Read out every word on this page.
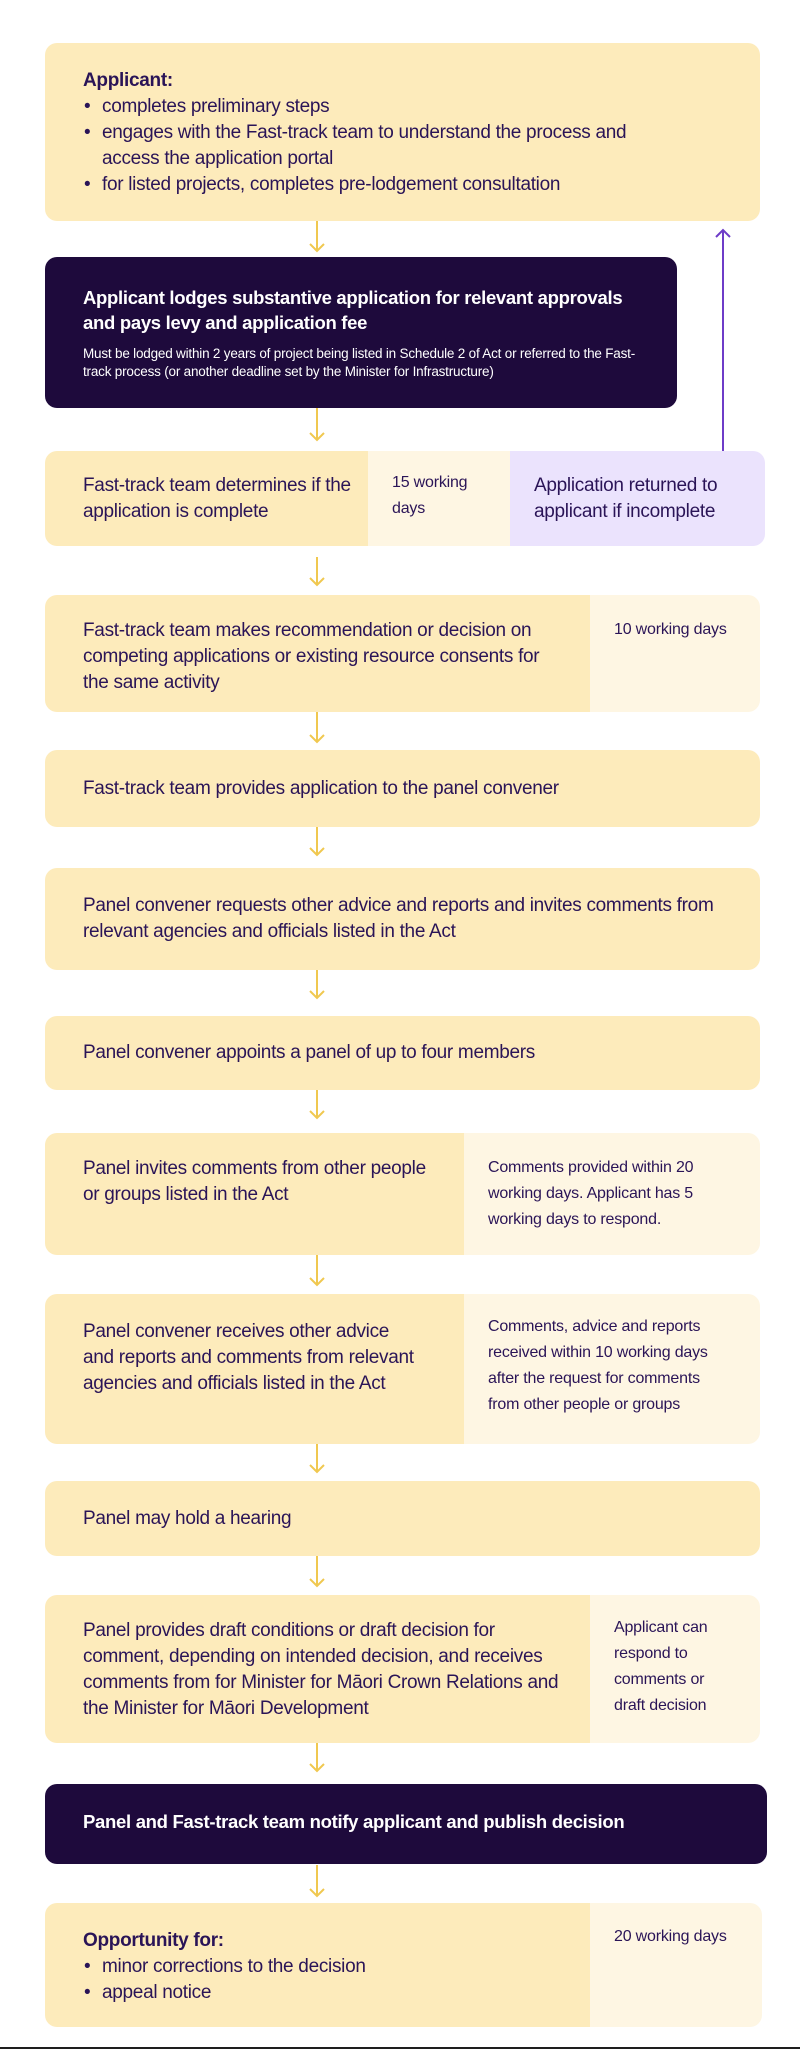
Applicant:
• completes preliminary steps
• engages with the Fast-track team to understand the process and access the application portal
• for listed projects, completes pre-lodgement consultation
Applicant lodges substantive application for relevant approvals and pays levy and application fee
Must be lodged within 2 years of project being listed in Schedule 2 of Act or referred to the Fast-track process (or another deadline set by the Minister for Infrastructure)
Fast-track team determines if the application is complete
15 working days
Application returned to applicant if incomplete
Fast-track team makes recommendation or decision on competing applications or existing resource consents for the same activity
10 working days
Fast-track team provides application to the panel convener
Panel convener requests other advice and reports and invites comments from relevant agencies and officials listed in the Act
Panel convener appoints a panel of up to four members
Panel invites comments from other people or groups listed in the Act
Comments provided within 20 working days. Applicant has 5 working days to respond.
Panel convener receives other advice and reports and comments from relevant agencies and officials listed in the Act
Comments, advice and reports received within 10 working days after the request for comments from other people or groups
Panel may hold a hearing
Panel provides draft conditions or draft decision for comment, depending on intended decision, and receives comments from for Minister for Māori Crown Relations and the Minister for Māori Development
Applicant can respond to comments or draft decision
Panel and Fast-track team notify applicant and publish decision
Opportunity for:
• minor corrections to the decision
• appeal notice
20 working days
